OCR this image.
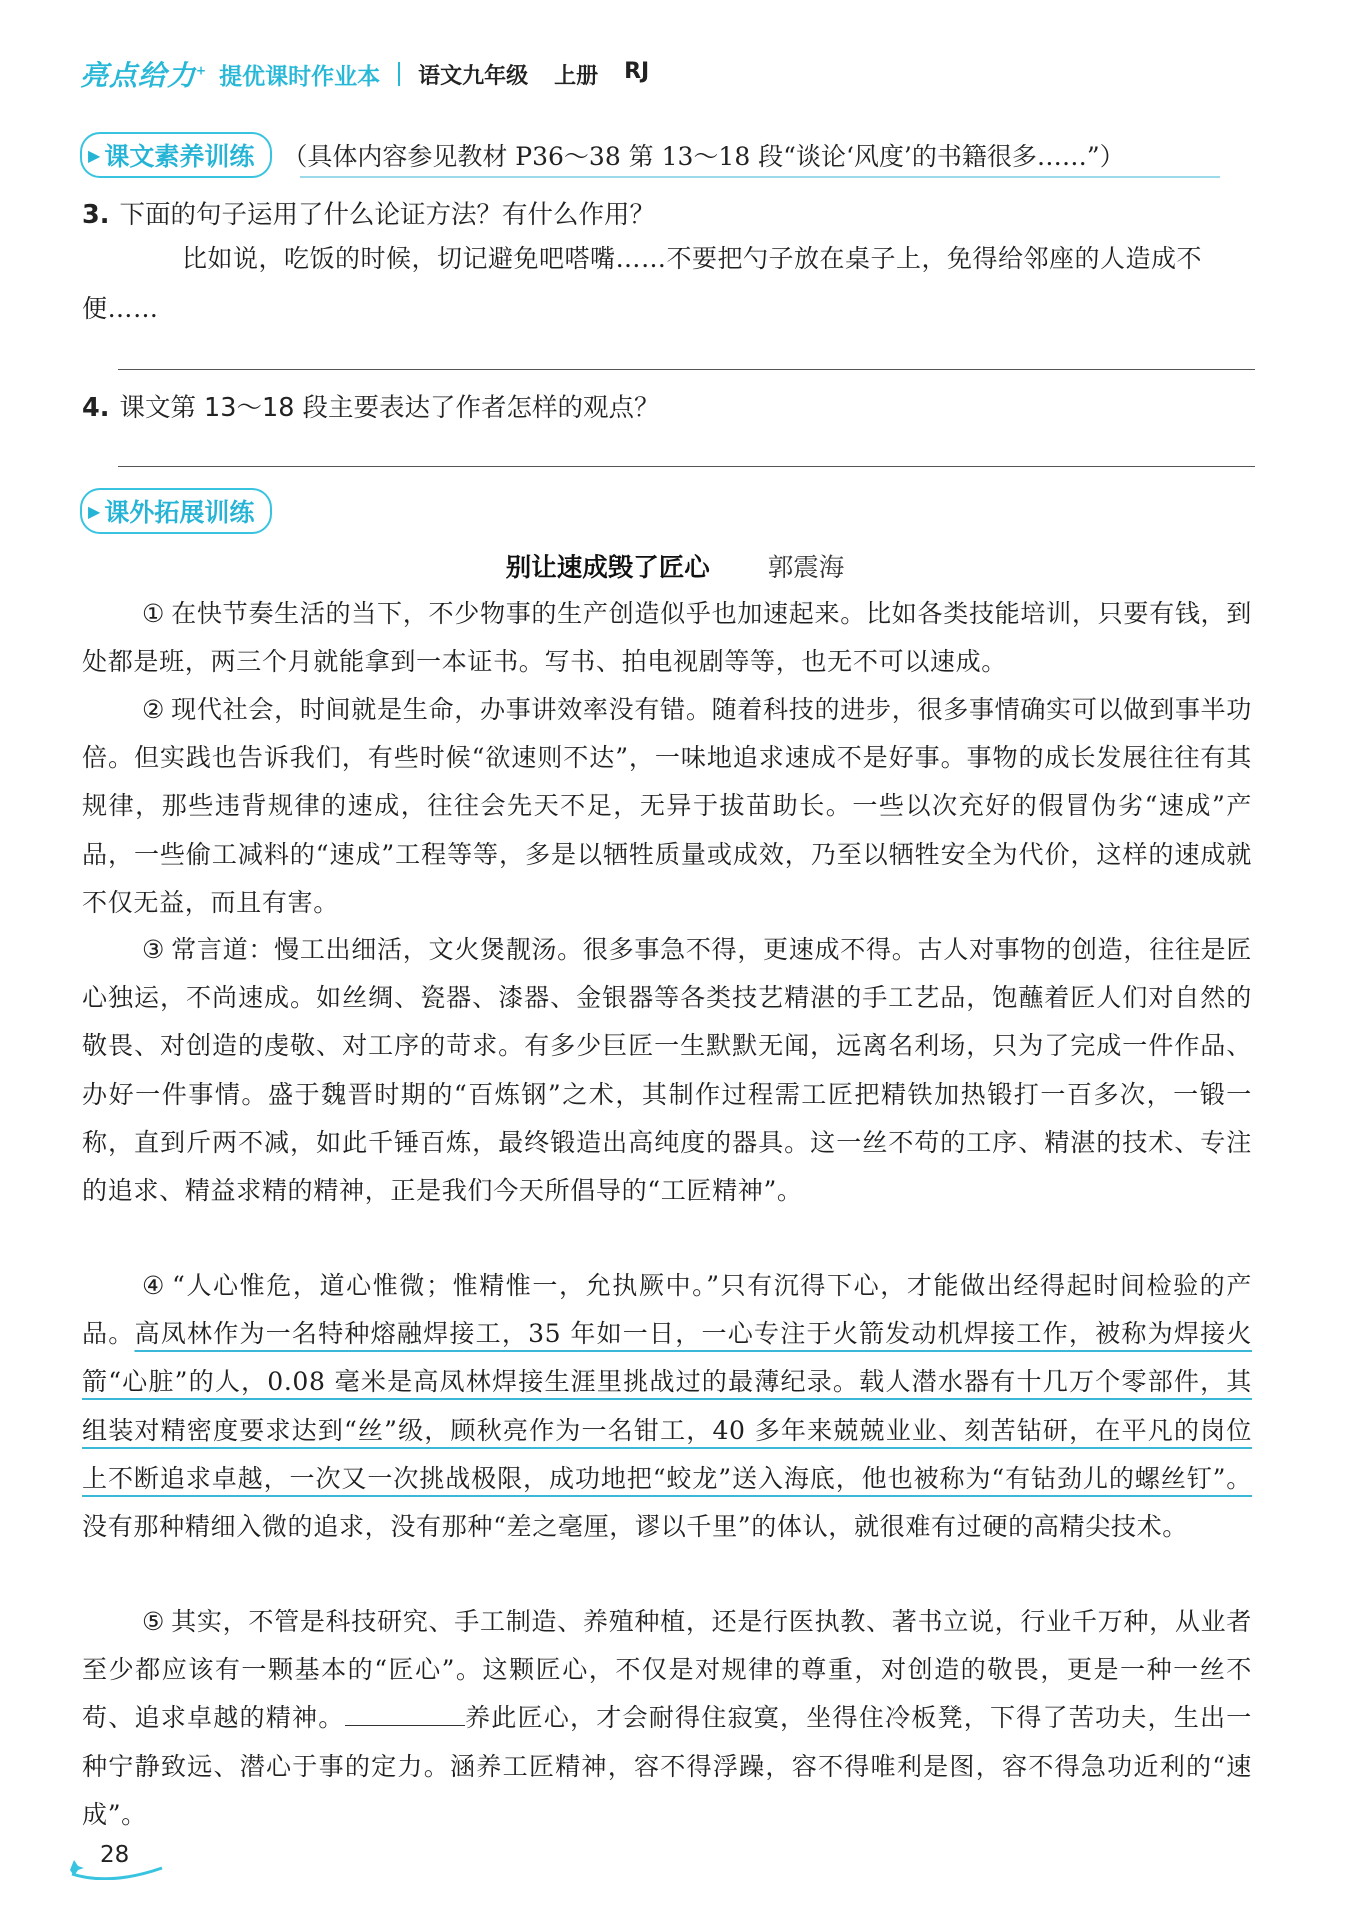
亮点给力+ 提优课时作业本 语文九年级 上册 RJ
▶ 课文素养训练 （具体内容参见教材 P36～38 第 13～18 段“谈论‘风度’的书籍很多……”）
3. 下面的句子运用了什么论证方法？有什么作用？
比如说，吃饭的时候，切记避免吧嗒嘴……不要把勺子放在桌子上，免得给邻座的人造成不便……
4. 课文第 13～18 段主要表达了作者怎样的观点？
▶ 课外拓展训练
别让速成毁了匠心 郭震海
① 在快节奏生活的当下，不少物事的生产创造似乎也加速起来。比如各类技能培训，只要有钱，到处都是班，两三个月就能拿到一本证书。写书、拍电视剧等等，也无不可以速成。
② 现代社会，时间就是生命，办事讲效率没有错。随着科技的进步，很多事情确实可以做到事半功倍。但实践也告诉我们，有些时候“欲速则不达”，一味地追求速成不是好事。事物的成长发展往往有其规律，那些违背规律的速成，往往会先天不足，无异于拔苗助长。一些以次充好的假冒伪劣“速成”产品，一些偷工减料的“速成”工程等等，多是以牺牲质量或成效，乃至以牺牲安全为代价，这样的速成就不仅无益，而且有害。
③ 常言道：慢工出细活，文火煲靓汤。很多事急不得，更速成不得。古人对事物的创造，往往是匠心独运，不尚速成。如丝绸、瓷器、漆器、金银器等各类技艺精湛的手工艺品，饱蘸着匠人们对自然的敬畏、对创造的虔敬、对工序的苛求。有多少巨匠一生默默无闻，远离名利场，只为了完成一件作品、办好一件事情。盛于魏晋时期的“百炼钢”之术，其制作过程需工匠把精铁加热锻打一百多次，一锻一称，直到斤两不减，如此千锤百炼，最终锻造出高纯度的器具。这一丝不苟的工序、精湛的技术、专注的追求、精益求精的精神，正是我们今天所倡导的“工匠精神”。
④ “人心惟危，道心惟微；惟精惟一，允执厥中。”只有沉得下心，才能做出经得起时间检验的产品。高凤林作为一名特种熔融焊接工，35 年如一日，一心专注于火箭发动机焊接工作，被称为焊接火箭“心脏”的人，0.08 毫米是高凤林焊接生涯里挑战过的最薄纪录。载人潜水器有十几万个零部件，其组装对精密度要求达到“丝”级，顾秋亮作为一名钳工，40 多年来兢兢业业、刻苦钻研，在平凡的岗位上不断追求卓越，一次又一次挑战极限，成功地把“蛟龙”送入海底，他也被称为“有钻劲儿的螺丝钉”。没有那种精细入微的追求，没有那种“差之毫厘，谬以千里”的体认，就很难有过硬的高精尖技术。
⑤ 其实，不管是科技研究、手工制造、养殖种植，还是行医执教、著书立说，行业千万种，从业者至少都应该有一颗基本的“匠心”。这颗匠心，不仅是对规律的尊重，对创造的敬畏，更是一种一丝不苟、追求卓越的精神。	养此匠心，才会耐得住寂寞，坐得住冷板凳，下得了苦功夫，生出一种宁静致远、潜心于事的定力。涵养工匠精神，容不得浮躁，容不得唯利是图，容不得急功近利的“速成”。
28
